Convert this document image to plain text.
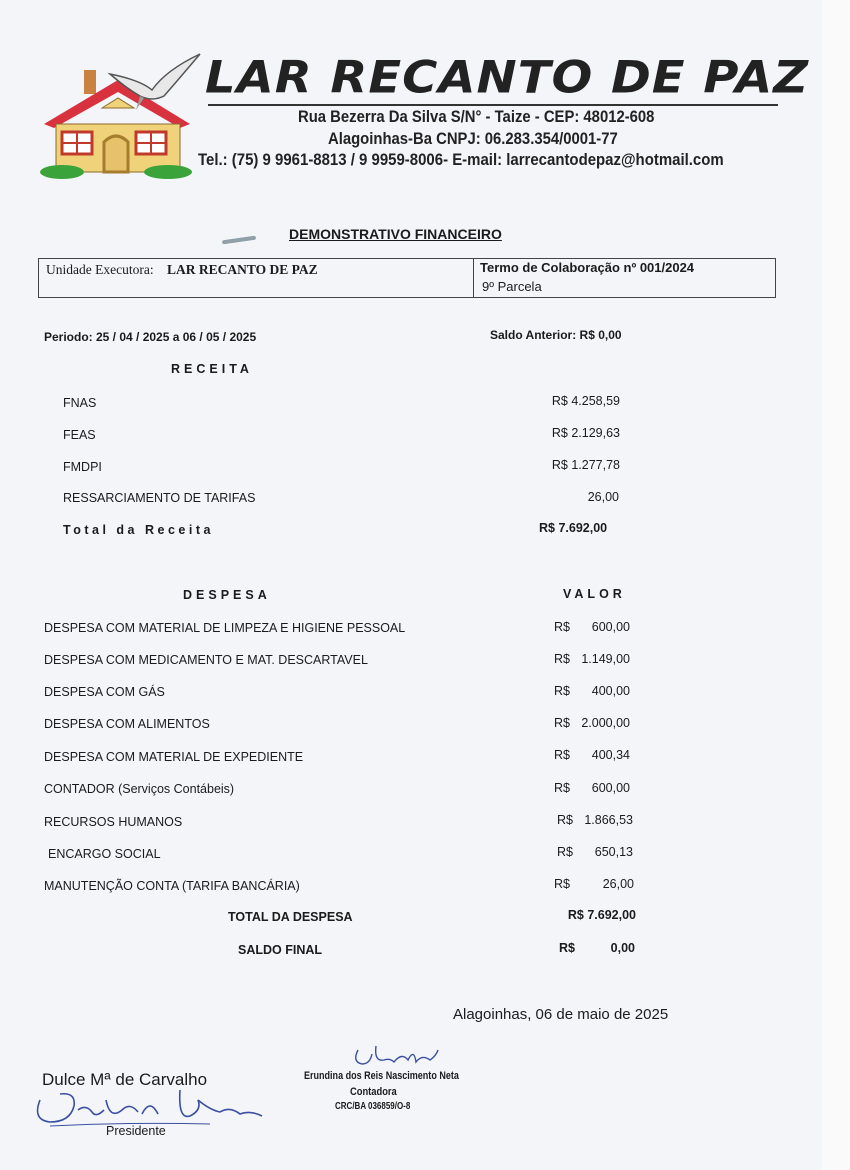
LAR RECANTO DE PAZ
Rua Bezerra Da Silva S/N° - Taize - CEP: 48012-608
Alagoinhas-Ba CNPJ: 06.283.354/0001-77
Tel.: (75) 9 9961-8813 / 9 9959-8006- E-mail: larrecantodepaz@hotmail.com
DEMONSTRATIVO FINANCEIRO
Unidade Executora: LAR RECANTO DE PAZ	Termo de Colaboração nº 001/2024
9º Parcela
Periodo: 25 / 04 / 2025 a 06 / 05 / 2025	Saldo Anterior: R$ 0,00
RECEITA
FNAS	R$ 4.258,59
FEAS	R$ 2.129,63
FMDPI	R$ 1.277,78
RESSARCIAMENTO DE TARIFAS	26,00
Total da Receita	R$ 7.692,00
DESPESA	VALOR
DESPESA COM MATERIAL DE LIMPEZA E HIGIENE PESSOAL	R$	600,00
DESPESA COM MEDICAMENTO E MAT. DESCARTAVEL	R$ 1.149,00
DESPESA COM GÁS	R$	400,00
DESPESA COM ALIMENTOS	R$ 2.000,00
DESPESA COM MATERIAL DE EXPEDIENTE	R$	400,34
CONTADOR (Serviços Contábeis)	R$	600,00
RECURSOS HUMANOS	R$ 1.866,53
ENCARGO SOCIAL	R$	650,13
MANUTENÇÃO CONTA (TARIFA BANCÁRIA)	R$	26,00
TOTAL DA DESPESA	R$ 7.692,00
SALDO FINAL	R$	0,00
Alagoinhas, 06 de maio de 2025
Dulce Mª de Carvalho
Presidente
Erundina dos Reis Nascimento Neta
Contadora
CRC/BA 036859/O-8
